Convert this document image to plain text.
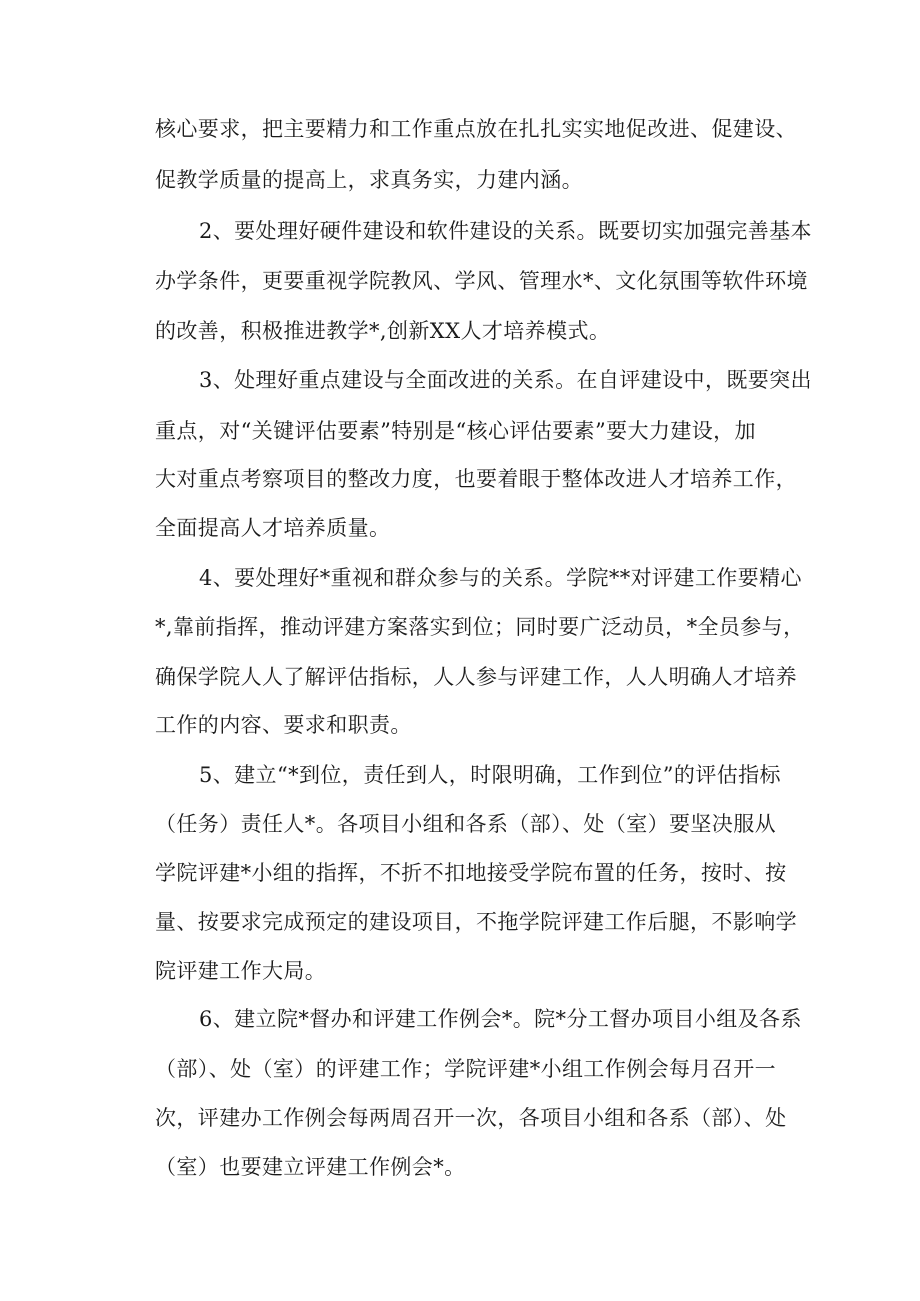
核心要求，把主要精力和工作重点放在扎扎实实地促改进、促建设、
促教学质量的提高上，求真务实，力建内涵。
2、要处理好硬件建设和软件建设的关系。既要切实加强完善基本
办学条件，更要重视学院教风、学风、管理水*、文化氛围等软件环境
的改善，积极推进教学*,创新XX人才培养模式。
3、处理好重点建设与全面改进的关系。在自评建设中，既要突出
重点，对“关键评估要素”特别是“核心评估要素”要大力建设，加
大对重点考察项目的整改力度，也要着眼于整体改进人才培养工作，
全面提高人才培养质量。
4、要处理好*重视和群众参与的关系。学院**对评建工作要精心
*,靠前指挥，推动评建方案落实到位；同时要广泛动员，*全员参与，
确保学院人人了解评估指标，人人参与评建工作，人人明确人才培养
工作的内容、要求和职责。
5、建立“*到位，责任到人，时限明确，工作到位”的评估指标
（任务）责任人*。各项目小组和各系（部）、处（室）要坚决服从
学院评建*小组的指挥，不折不扣地接受学院布置的任务，按时、按
量、按要求完成预定的建设项目，不拖学院评建工作后腿，不影响学
院评建工作大局。
6、建立院*督办和评建工作例会*。院*分工督办项目小组及各系
（部）、处（室）的评建工作；学院评建*小组工作例会每月召开一
次，评建办工作例会每两周召开一次，各项目小组和各系（部）、处
（室）也要建立评建工作例会*。
